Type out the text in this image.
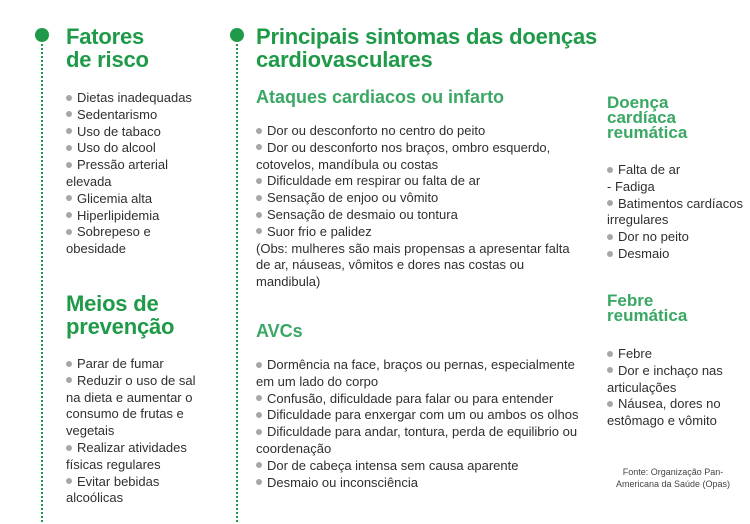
Fatores
de risco
Dietas inadequadas
Sedentarismo
Uso de tabaco
Uso do alcool
Pressão arterial elevada
Glicemia alta
Hiperlipidemia
Sobrepeso e obesidade
Meios de
prevenção
Parar de fumar
Reduzir o uso de sal na dieta e aumentar o consumo de frutas e vegetais
Realizar atividades físicas regulares
Evitar bebidas alcoólicas
Principais sintomas das doenças
cardiovasculares
Ataques cardiacos ou infarto
Dor ou desconforto no centro do peito
Dor ou desconforto nos braços, ombro esquerdo, cotovelos, mandíbula ou costas
Dificuldade em respirar ou falta de ar
Sensação de enjoo ou vômito
Sensação de desmaio ou tontura
Suor frio e palidez
(Obs: mulheres são mais propensas a apresentar falta de ar, náuseas, vômitos e dores nas costas ou mandibula)
AVCs
Dormência na face, braços ou pernas, especialmente em um lado do corpo
Confusão, dificuldade para falar ou para entender
Dificuldade para enxergar com um ou ambos os olhos
Dificuldade para andar, tontura, perda de equilibrio ou coordenação
Dor de cabeça intensa sem causa aparente
Desmaio ou inconsciência
Doença
cardíaca
reumática
Falta de ar
- Fadiga
Batimentos cardíacos irregulares
Dor no peito
Desmaio
Febre
reumática
Febre
Dor e inchaço nas articulações
Náusea, dores no estômago e vômito
Fonte: Organização Pan-
Americana da Saúde (Opas)
